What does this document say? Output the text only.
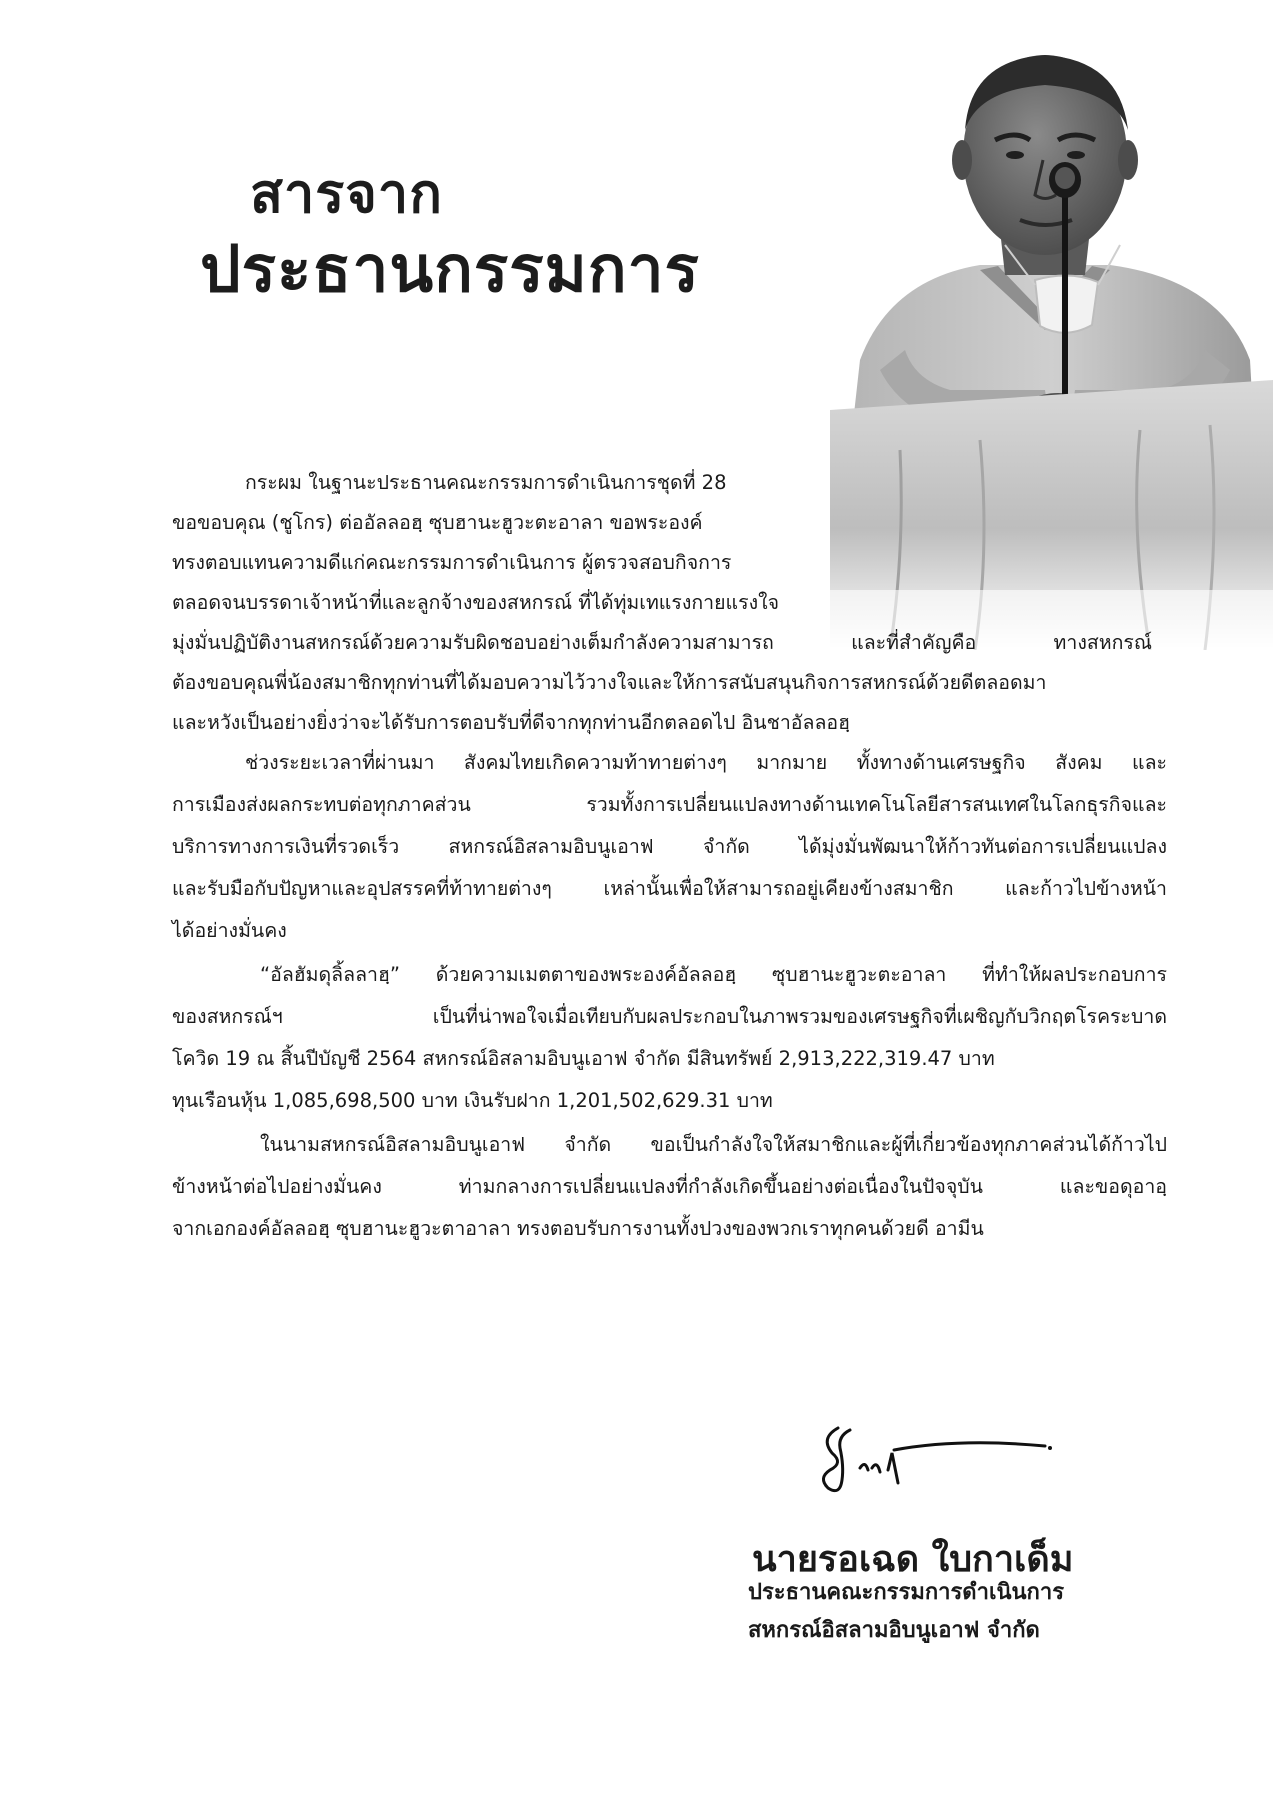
สารจาก
ประธานกรรมการ
กระผม ในฐานะประธานคณะกรรมการดำเนินการชุดที่ 28
ขอขอบคุณ (ชูโกร) ต่ออัลลอฮฺ ซุบฮานะฮูวะตะอาลา ขอพระองค์
ทรงตอบแทนความดีแก่คณะกรรมการดำเนินการ ผู้ตรวจสอบกิจการ
ตลอดจนบรรดาเจ้าหน้าที่และลูกจ้างของสหกรณ์ ที่ได้ทุ่มเทแรงกายแรงใจ
มุ่งมั่นปฏิบัติงานสหกรณ์ด้วยความรับผิดชอบอย่างเต็มกำลังความสามารถ และที่สำคัญคือ ทางสหกรณ์
ต้องขอบคุณพี่น้องสมาชิกทุกท่านที่ได้มอบความไว้วางใจและให้การสนับสนุนกิจการสหกรณ์ด้วยดีตลอดมา
และหวังเป็นอย่างยิ่งว่าจะได้รับการตอบรับที่ดีจากทุกท่านอีกตลอดไป อินชาอัลลอฮฺ
ช่วงระยะเวลาที่ผ่านมา สังคมไทยเกิดความท้าทายต่างๆ มากมาย ทั้งทางด้านเศรษฐกิจ สังคม และ
การเมืองส่งผลกระทบต่อทุกภาคส่วน รวมทั้งการเปลี่ยนแปลงทางด้านเทคโนโลยีสารสนเทศในโลกธุรกิจและ
บริการทางการเงินที่รวดเร็ว สหกรณ์อิสลามอิบนูเอาฟ จำกัด ได้มุ่งมั่นพัฒนาให้ก้าวทันต่อการเปลี่ยนแปลง
และรับมือกับปัญหาและอุปสรรคที่ท้าทายต่างๆ เหล่านั้นเพื่อให้สามารถอยู่เคียงข้างสมาชิก และก้าวไปข้างหน้า
ได้อย่างมั่นคง
“อัลฮัมดุลิ้ลลาฮฺ” ด้วยความเมตตาของพระองค์อัลลอฮฺ ซุบฮานะฮูวะตะอาลา ที่ทำให้ผลประกอบการ
ของสหกรณ์ฯ เป็นที่น่าพอใจเมื่อเทียบกับผลประกอบในภาพรวมของเศรษฐกิจที่เผชิญกับวิกฤตโรคระบาด
โควิด 19 ณ สิ้นปีบัญชี 2564 สหกรณ์อิสลามอิบนูเอาฟ จำกัด มีสินทรัพย์ 2,913,222,319.47 บาท
ทุนเรือนหุ้น 1,085,698,500 บาท เงินรับฝาก 1,201,502,629.31 บาท
ในนามสหกรณ์อิสลามอิบนูเอาฟ จำกัด ขอเป็นกำลังใจให้สมาชิกและผู้ที่เกี่ยวข้องทุกภาคส่วนได้ก้าวไป
ข้างหน้าต่อไปอย่างมั่นคง ท่ามกลางการเปลี่ยนแปลงที่กำลังเกิดขึ้นอย่างต่อเนื่องในปัจจุบัน และขอดุอาอฺ
จากเอกองค์อัลลอฮฺ ซุบฮานะฮูวะตาอาลา ทรงตอบรับการงานทั้งปวงของพวกเราทุกคนด้วยดี อามีน
นายรอเฉด ใบกาเด็ม
ประธานคณะกรรมการดำเนินการ
สหกรณ์อิสลามอิบนูเอาฟ จำกัด
